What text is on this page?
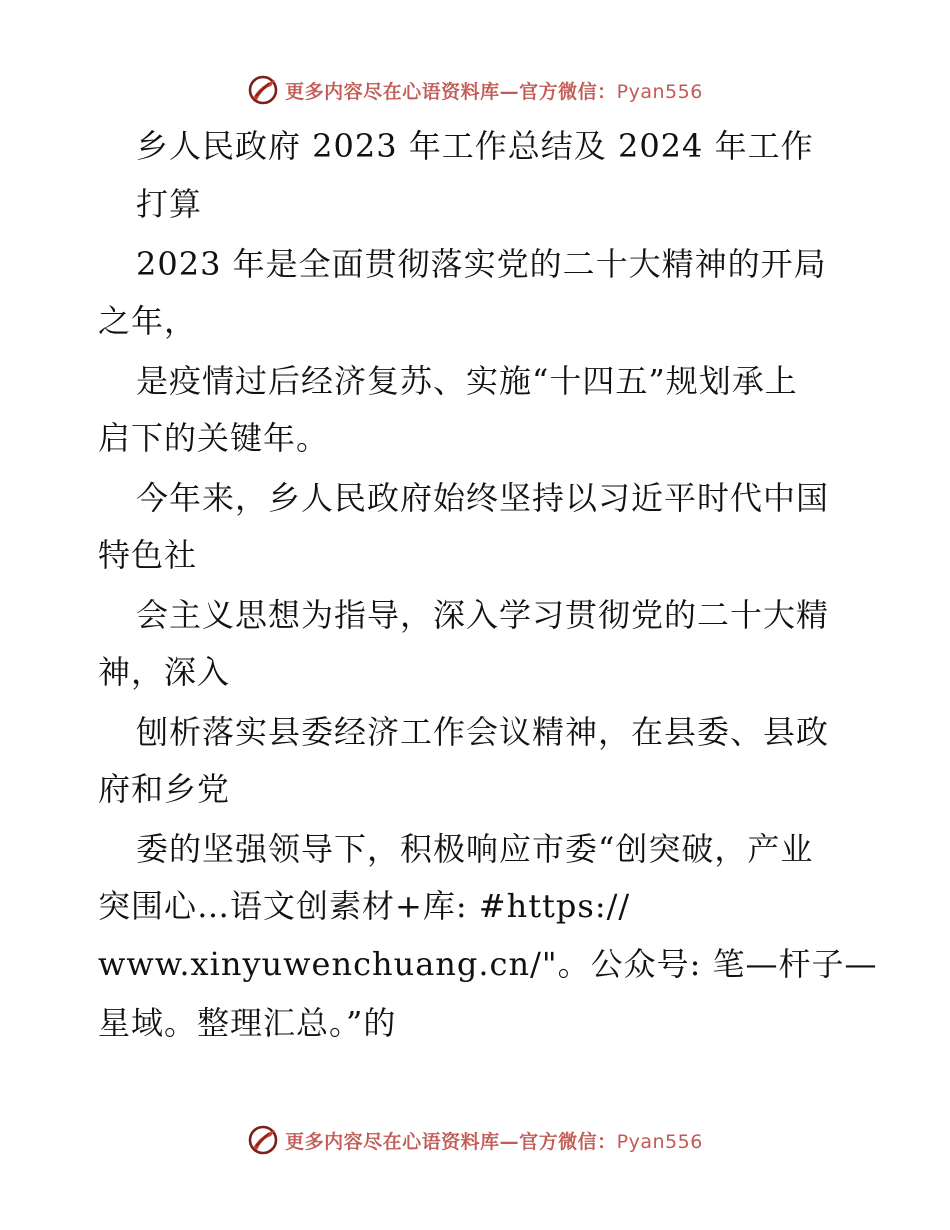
更多内容尽在心语资料库—官方微信：Pyan556
乡人民政府 2023 年工作总结及 2024 年工作
打算
2023 年是全面贯彻落实党的二十大精神的开局
之年，
是疫情过后经济复苏、实施“十四五”规划承上
启下的关键年。
今年来，乡人民政府始终坚持以习近平时代中国
特色社
会主义思想为指导，深入学习贯彻党的二十大精
神，深入
刨析落实县委经济工作会议精神，在县委、县政
府和乡党
委的坚强领导下，积极响应市委“创突破，产业
突围心…语文创素材+库: #https://
www.xinyuwenchuang.cn/"。公众号: 笔—杆子—
星域。整理汇总。”的
更多内容尽在心语资料库—官方微信：Pyan556
